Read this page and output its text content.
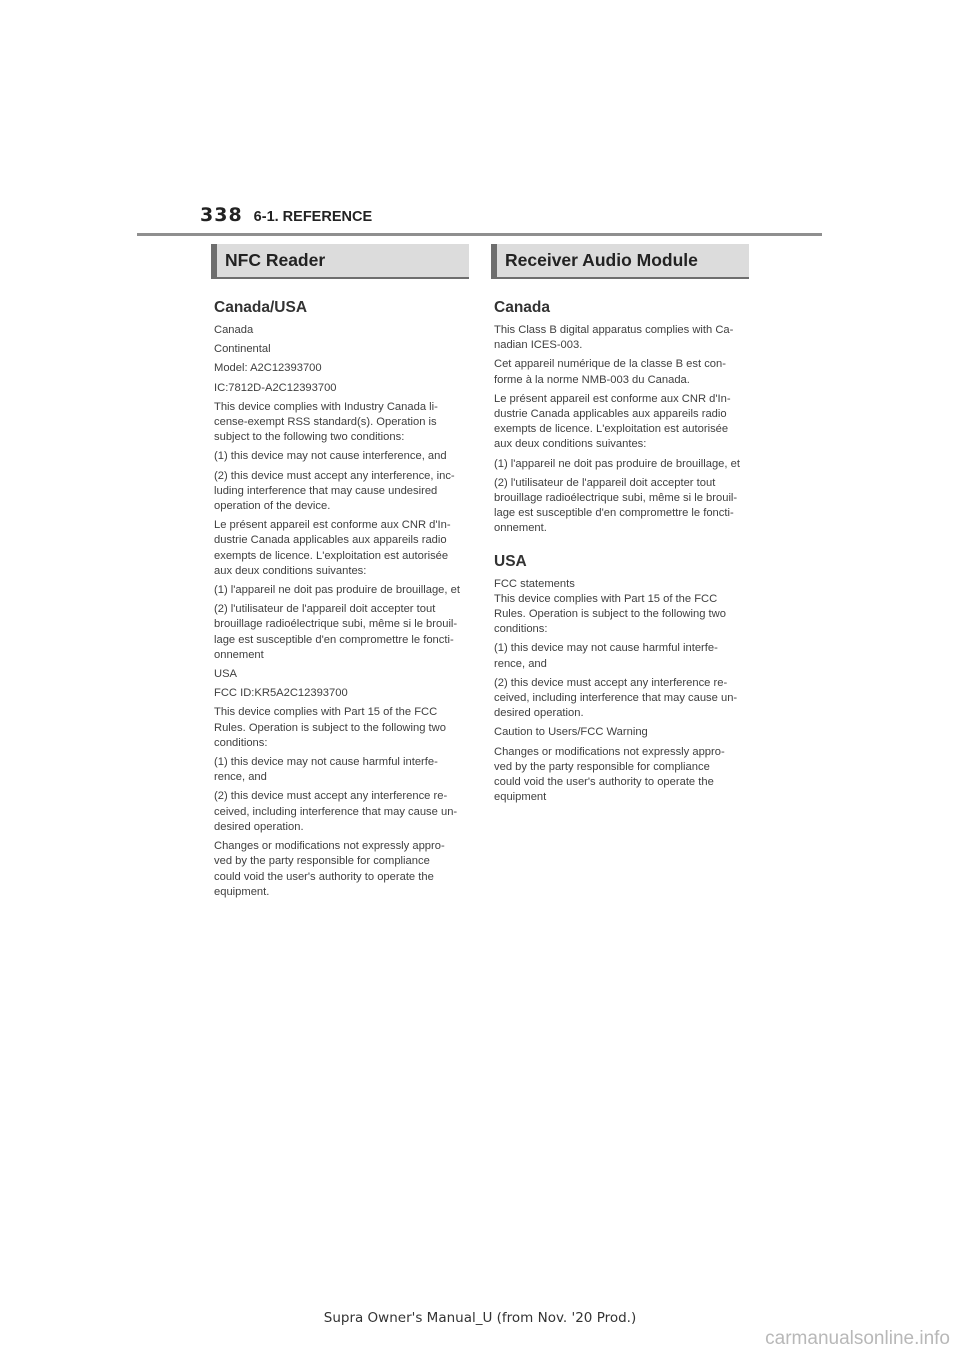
338 6-1. REFERENCE
NFC Reader
Canada/USA

Canada

Continental

Model: A2C12393700

IC:7812D-A2C12393700

This device complies with Industry Canada li-
cense-exempt RSS standard(s). Operation is
subject to the following two conditions:

(1) this device may not cause interference, and

(2) this device must accept any interference, inc-
luding interference that may cause undesired
operation of the device.

Le présent appareil est conforme aux CNR d'In-
dustrie Canada applicables aux appareils radio
exempts de licence. L'exploitation est autorisée
aux deux conditions suivantes:

(1) l'appareil ne doit pas produire de brouillage, et

(2) l'utilisateur de l'appareil doit accepter tout
brouillage radioélectrique subi, même si le brouil-
lage est susceptible d'en compromettre le foncti-
onnement

USA

FCC ID:KR5A2C12393700

This device complies with Part 15 of the FCC
Rules. Operation is subject to the following two
conditions:

(1) this device may not cause harmful interfe-
rence, and

(2) this device must accept any interference re-
ceived, including interference that may cause un-
desired operation.

Changes or modifications not expressly appro-
ved by the party responsible for compliance
could void the user's authority to operate the
equipment.

Receiver Audio Module
Canada

This Class B digital apparatus complies with Ca-
nadian ICES-003.

Cet appareil numérique de la classe B est con-
forme à la norme NMB-003 du Canada.

Le présent appareil est conforme aux CNR d'In-
dustrie Canada applicables aux appareils radio
exempts de licence. L'exploitation est autorisée
aux deux conditions suivantes:

(1) l'appareil ne doit pas produire de brouillage, et

(2) l'utilisateur de l'appareil doit accepter tout
brouillage radioélectrique subi, même si le brouil-
lage est susceptible d'en compromettre le foncti-
onnement.

USA

FCC statements
This device complies with Part 15 of the FCC
Rules. Operation is subject to the following two
conditions:

(1) this device may not cause harmful interfe-
rence, and

(2) this device must accept any interference re-
ceived, including interference that may cause un-
desired operation.

Caution to Users/FCC Warning

Changes or modifications not expressly appro-
ved by the party responsible for compliance
could void the user's authority to operate the
equipment

Supra Owner's Manual_U (from Nov. '20 Prod.)
carmanualsonline.info
